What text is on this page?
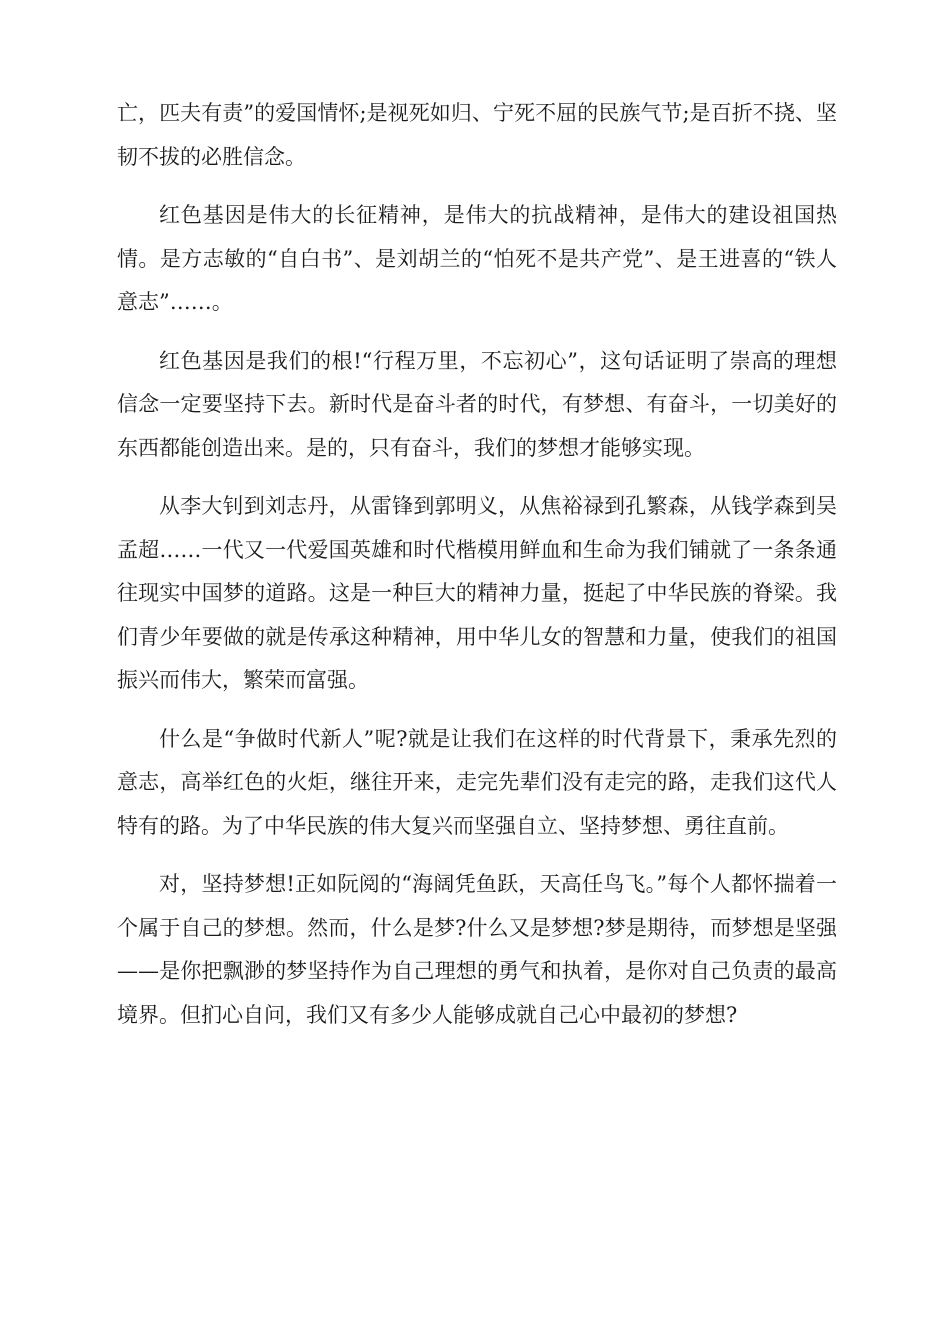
亡，匹夫有责”的爱国情怀;是视死如归、宁死不屈的民族气节;是百折不挠、坚韧不拔的必胜信念。

红色基因是伟大的长征精神，是伟大的抗战精神，是伟大的建设祖国热情。是方志敏的“自白书”、是刘胡兰的“怕死不是共产党”、是王进喜的“铁人意志”……。

红色基因是我们的根!“行程万里，不忘初心”，这句话证明了崇高的理想信念一定要坚持下去。新时代是奋斗者的时代，有梦想、有奋斗，一切美好的东西都能创造出来。是的，只有奋斗，我们的梦想才能够实现。

从李大钊到刘志丹，从雷锋到郭明义，从焦裕禄到孔繁森，从钱学森到吴孟超……一代又一代爱国英雄和时代楷模用鲜血和生命为我们铺就了一条条通往现实中国梦的道路。这是一种巨大的精神力量，挺起了中华民族的脊梁。我们青少年要做的就是传承这种精神，用中华儿女的智慧和力量，使我们的祖国振兴而伟大，繁荣而富强。

什么是“争做时代新人”呢?就是让我们在这样的时代背景下，秉承先烈的意志，高举红色的火炬，继往开来，走完先辈们没有走完的路，走我们这代人特有的路。为了中华民族的伟大复兴而坚强自立、坚持梦想、勇往直前。

对，坚持梦想!正如阮阅的“海阔凭鱼跃，天高任鸟飞。”每个人都怀揣着一个属于自己的梦想。然而，什么是梦?什么又是梦想?梦是期待，而梦想是坚强——是你把飘渺的梦坚持作为自己理想的勇气和执着，是你对自己负责的最高境界。但扪心自问，我们又有多少人能够成就自己心中最初的梦想?
